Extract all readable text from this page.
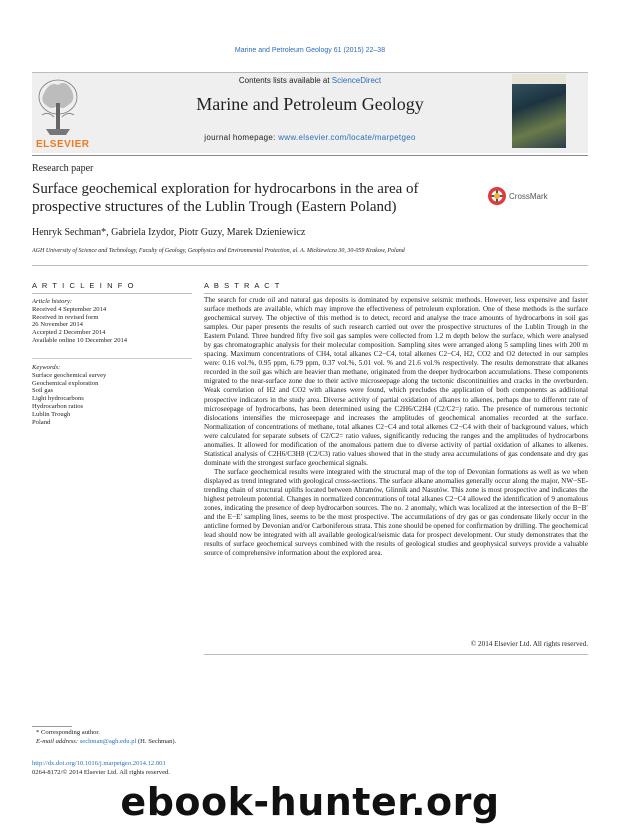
Marine and Petroleum Geology 61 (2015) 22–38
ELSEVIER
Contents lists available at ScienceDirect
Marine and Petroleum Geology
journal homepage: www.elsevier.com/locate/marpetgeo
Research paper
Surface geochemical exploration for hydrocarbons in the area of prospective structures of the Lublin Trough (Eastern Poland)
CrossMark
Henryk Sechman*, Gabriela Izydor, Piotr Guzy, Marek Dzieniewicz
AGH University of Science and Technology, Faculty of Geology, Geophysics and Environmental Protection, al. A. Mickiewicza 30, 30-059 Krakow, Poland
A R T I C L E I N F O
Article history:
Received 4 September 2014
Received in revised form
26 November 2014
Accepted 2 December 2014
Available online 10 December 2014
Keywords:
Surface geochemical survey
Geochemical exploration
Soil gas
Light hydrocarbons
Hydrocarbon ratios
Lublin Trough
Poland
A B S T R A C T

The search for crude oil and natural gas deposits is dominated by expensive seismic methods. However, less expensive and faster surface methods are available, which may improve the effectiveness of petroleum exploration. One of these methods is the surface geochemical survey. The objective of this method is to detect, record and analyse the trace amounts of hydrocarbons in soil gas samples. Our paper presents the results of such research carried out over the prospective structures of the Lublin Trough in the Eastern Poland. Three hundred fifty five soil gas samples were collected from 1.2 m depth below the surface, which were analysed by gas chromatographic analysis for their molecular composition. Sampling sites were arranged along 5 sampling lines with 200 m spacing. Maximum concentrations of CH4, total alkanes C2−C4, total alkenes C2−C4, H2, CO2 and O2 detected in our samples were: 0.16 vol.%, 0.95 ppm, 6.79 ppm, 0.37 vol.%, 5.01 vol. % and 21.6 vol.% respectively. The results demonstrate that alkanes recorded in the soil gas which are heavier than methane, originated from the deeper hydrocarbon accumulations. These components migrated to the near-surface zone due to their active microseepage along the tectonic discontinuities and cracks in the overburden. Weak correlation of H2 and CO2 with alkanes were found, which precludes the application of both components as additional prospective indicators in the study area. Diverse activity of partial oxidation of alkanes to alkenes, perhaps due to different rate of microseepage of hydrocarbons, has been determined using the C2H6/C2H4 (C2/C2=) ratio. The presence of numerous tectonic dislocations intensifies the microseepage and increases the amplitudes of geochemical anomalies recorded at the surface. Normalization of concentrations of methane, total alkanes C2−C4 and total alkenes C2−C4 with their of background values, which were calculated for separate subsets of C2/C2= ratio values, significantly reducing the ranges and the amplitudes of hydrocarbons anomalies. It allowed for modification of the anomalous pattern due to diverse activity of partial oxidation of alkanes to alkenes. Statistical analysis of C2H6/C3H8 (C2/C3) ratio values showed that in the study area accumulations of gas condensate and dry gas dominate with the strongest surface geochemical signals.

The surface geochemical results were integrated with the structural map of the top of Devonian formations as well as we when displayed as trend integrated with geological cross-sections. The surface alkane anomalies generally occur along the major, NW−SE-trending chain of structural uplifts located between Abramów, Glinnik and Nasutów. This zone is most prospective and indicates the highest petroleum potential. Changes in normalized concentrations of total alkanes C2−C4 allowed the identification of 9 anomalous zones, indicating the presence of deep hydrocarbon sources. The no. 2 anomaly, which was localized at the intersection of the B−B′ and the E−E′ sampling lines, seems to be the most prospective. The accumulations of dry gas or gas condensate likely occur in the anticline formed by Devonian and/or Carboniferous strata. This zone should be opened for confirmation by drilling. The geochemical lead should now be integrated with all available geological/seismic data for prospect development. Our study demonstrates that the results of surface geochemical surveys combined with the results of geological studies and geophysical surveys provide a valuable source of comprehensive information about the explored area.

© 2014 Elsevier Ltd. All rights reserved.
* Corresponding author.
E-mail address: sechman@agh.edu.pl (H. Sechman).
http://dx.doi.org/10.1016/j.marpetgeo.2014.12.001
0264-8172/© 2014 Elsevier Ltd. All rights reserved.
ebook-hunter.org
